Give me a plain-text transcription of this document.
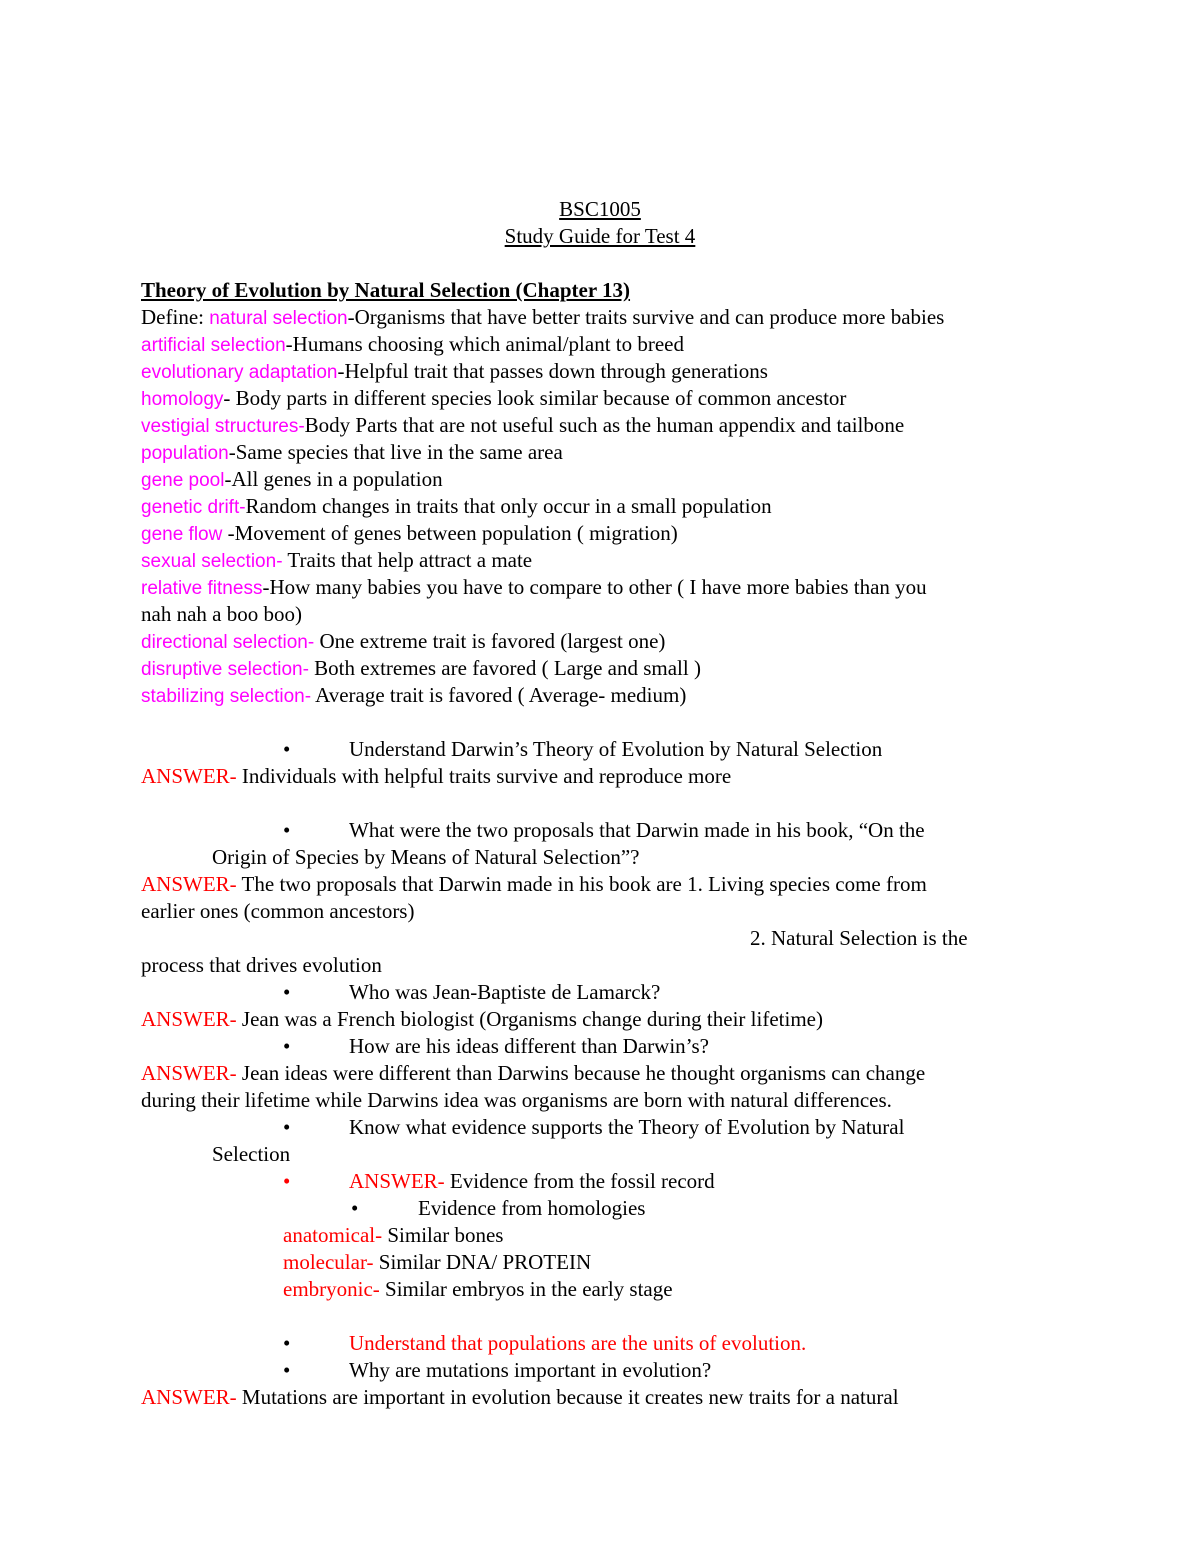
BSC1005
Study Guide for Test 4
Theory of Evolution by Natural Selection (Chapter 13)
Define: natural selection-Organisms that have better traits survive and can produce more babies
artificial selection-Humans choosing which animal/plant to breed
evolutionary adaptation-Helpful trait that passes down through generations
homology- Body parts in different species look similar because of common ancestor
vestigial structures-Body Parts that are not useful such as the human appendix and tailbone
population-Same species that live in the same area
gene pool-All genes in a population
genetic drift-Random changes in traits that only occur in a small population
gene flow -Movement of genes between population ( migration)
sexual selection- Traits that help attract a mate
relative fitness-How many babies you have to compare to other ( I have more babies than you
nah nah a boo boo)
directional selection- One extreme trait is favored (largest one)
disruptive selection- Both extremes are favored ( Large and small )
stabilizing selection- Average trait is favored ( Average- medium)
•	Understand Darwin’s Theory of Evolution by Natural Selection
ANSWER- Individuals with helpful traits survive and reproduce more
•	What were the two proposals that Darwin made in his book, “On the
Origin of Species by Means of Natural Selection”?
ANSWER- The two proposals that Darwin made in his book are 1. Living species come from
earlier ones (common ancestors)
2. Natural Selection is the
process that drives evolution
•	Who was Jean-Baptiste de Lamarck?
ANSWER- Jean was a French biologist (Organisms change during their lifetime)
•	How are his ideas different than Darwin’s?
ANSWER- Jean ideas were different than Darwins because he thought organisms can change
during their lifetime while Darwins idea was organisms are born with natural differences.
•	Know what evidence supports the Theory of Evolution by Natural
Selection
•	ANSWER- Evidence from the fossil record
•	Evidence from homologies
anatomical- Similar bones
molecular- Similar DNA/ PROTEIN
embryonic- Similar embryos in the early stage
•	Understand that populations are the units of evolution.
•	Why are mutations important in evolution?
ANSWER- Mutations are important in evolution because it creates new traits for a natural
